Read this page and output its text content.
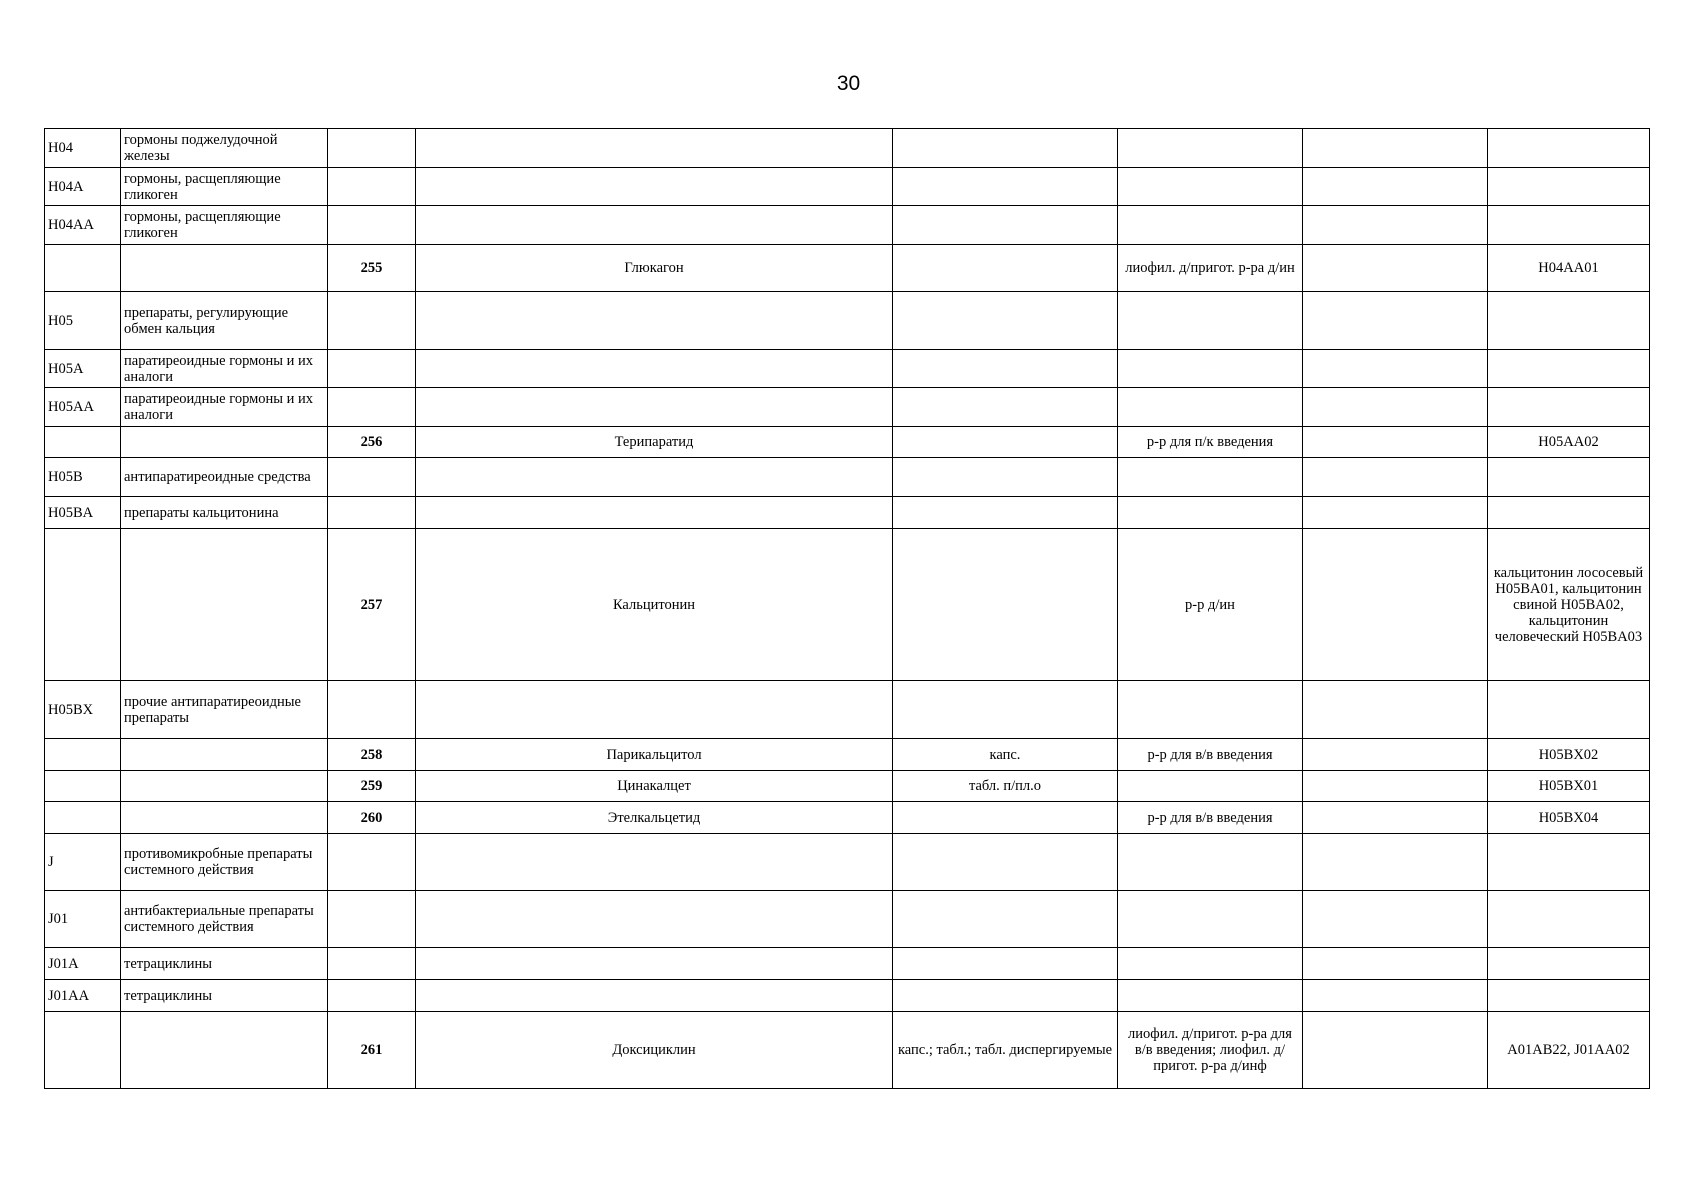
30
H04	гормоны поджелудочной железы						
H04A	гормоны, расщепляющие гликоген						
H04AA	гормоны, расщепляющие гликоген						
		255	Глюкагон		лиофил. д/пригот. р-ра д/ин		H04AA01
H05	препараты, регулирующие обмен кальция						
H05A	паратиреоидные гормоны и их аналоги						
H05AA	паратиреоидные гормоны и их аналоги						
		256	Терипаратид		р-р для п/к введения		H05AA02
H05B	антипаратиреоидные средства						
H05BA	препараты кальцитонина						
		257	Кальцитонин		р-р д/ин		кальцитонин лососевый H05BA01, кальцитонин свиной H05BA02, кальцитонин человеческий H05BA03
H05BX	прочие антипаратиреоидные препараты						
		258	Парикальцитол	капс.	р-р для в/в введения		H05BX02
		259	Цинакалцет	табл. п/пл.о			H05BX01
		260	Этелкальцетид		р-р для в/в введения		H05BX04
J	противомикробные препараты системного действия						
J01	антибактериальные препараты системного действия						
J01A	тетрациклины						
J01AA	тетрациклины						
		261	Доксициклин	капс.; табл.; табл. диспергируемые	лиофил. д/пригот. р-ра для в/в введения; лиофил. д/пригот. р-ра д/инф		A01AB22, J01AA02
